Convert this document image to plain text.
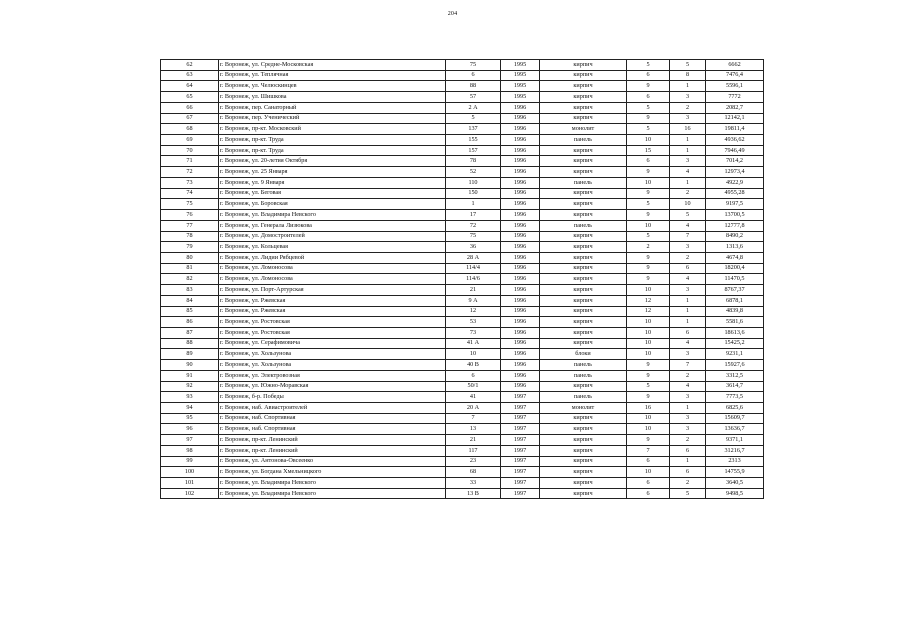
204
62	г. Воронеж, ул. Средне-Московская	75	1995	кирпич	5	5	6662
63	г. Воронеж, ул. Теплячная	6	1995	кирпич	6	8	7476,4
64	г. Воронеж, ул. Челюскинцев	88	1995	кирпич	9	1	5596,1
65	г. Воронеж, ул. Шишкова	57	1995	кирпич	6	3	7772
66	г. Воронеж, пер. Санаторный	2 А	1996	кирпич	5	2	2082,7
67	г. Воронеж, пер. Ученический	5	1996	кирпич	9	3	12142,1
68	г. Воронеж, пр-кт. Московский	137	1996	монолит	5	16	19811,4
69	г. Воронеж, пр-кт. Труда	155	1996	панель	10	1	4936,62
70	г. Воронеж, пр-кт. Труда	157	1996	кирпич	15	1	7946,49
71	г. Воронеж, ул. 20-летия Октября	78	1996	кирпич	6	3	7014,2
72	г. Воронеж, ул. 25 Января	52	1996	кирпич	9	4	12973,4
73	г. Воронеж, ул. 9 Января	110	1996	панель	10	1	4922,9
74	г. Воронеж, ул. Беговая	150	1996	кирпич	9	2	4955,28
75	г. Воронеж, ул. Боровская	1	1996	кирпич	5	10	9197,5
76	г. Воронеж, ул. Владимира Невского	17	1996	кирпич	9	5	13700,5
77	г. Воронеж, ул. Генерала Лизюкова	72	1996	панель	10	4	12777,8
78	г. Воронеж, ул. Домостроителей	75	1996	кирпич	5	7	8490,2
79	г. Воронеж, ул. Кольцевая	36	1996	кирпич	2	3	1313,6
80	г. Воронеж, ул. Лидии Рябцевой	28 А	1996	кирпич	9	2	4674,8
81	г. Воронеж, ул. Ломоносова	114/4	1996	кирпич	9	6	18200,4
82	г. Воронеж, ул. Ломоносова	114/6	1996	кирпич	9	4	11470,5
83	г. Воронеж, ул. Порт-Артурская	21	1996	кирпич	10	3	8767,37
84	г. Воронеж, ул. Ржевская	9 А	1996	кирпич	12	1	6878,1
85	г. Воронеж, ул. Ржевская	12	1996	кирпич	12	1	4839,8
86	г. Воронеж, ул. Ростовская	53	1996	кирпич	10	1	5581,6
87	г. Воронеж, ул. Ростовская	73	1996	кирпич	10	6	18613,6
88	г. Воронеж, ул. Серафимовича	41 А	1996	кирпич	10	4	15425,2
89	г. Воронеж, ул. Хользунова	10	1996	блоки	10	3	9231,1
90	г. Воронеж, ул. Хользунова	40 В	1996	панель	9	7	15927,6
91	г. Воронеж, ул. Электровозная	6	1996	панель	9	2	3312,5
92	г. Воронеж, ул. Южно-Моравская	50/1	1996	кирпич	5	4	3614,7
93	г. Воронеж, б-р. Победы	41	1997	панель	9	3	7773,5
94	г. Воронеж, наб. Авиастроителей	20 А	1997	монолит	16	1	6825,6
95	г. Воронеж, наб. Спортивная	7	1997	кирпич	10	3	15609,7
96	г. Воронеж, наб. Спортивная	13	1997	кирпич	10	3	13636,7
97	г. Воронеж, пр-кт. Ленинский	21	1997	кирпич	9	2	9371,1
98	г. Воронеж, пр-кт. Ленинский	117	1997	кирпич	7	6	31216,7
99	г. Воронеж, ул. Антонова-Овсеенко	23	1997	кирпич	6	1	2313
100	г. Воронеж, ул. Богдана Хмельницкого	68	1997	кирпич	10	6	14755,9
101	г. Воронеж, ул. Владимира Невского	33	1997	кирпич	6	2	3640,5
102	г. Воронеж, ул. Владимира Невского	13 В	1997	кирпич	6	5	9498,5
